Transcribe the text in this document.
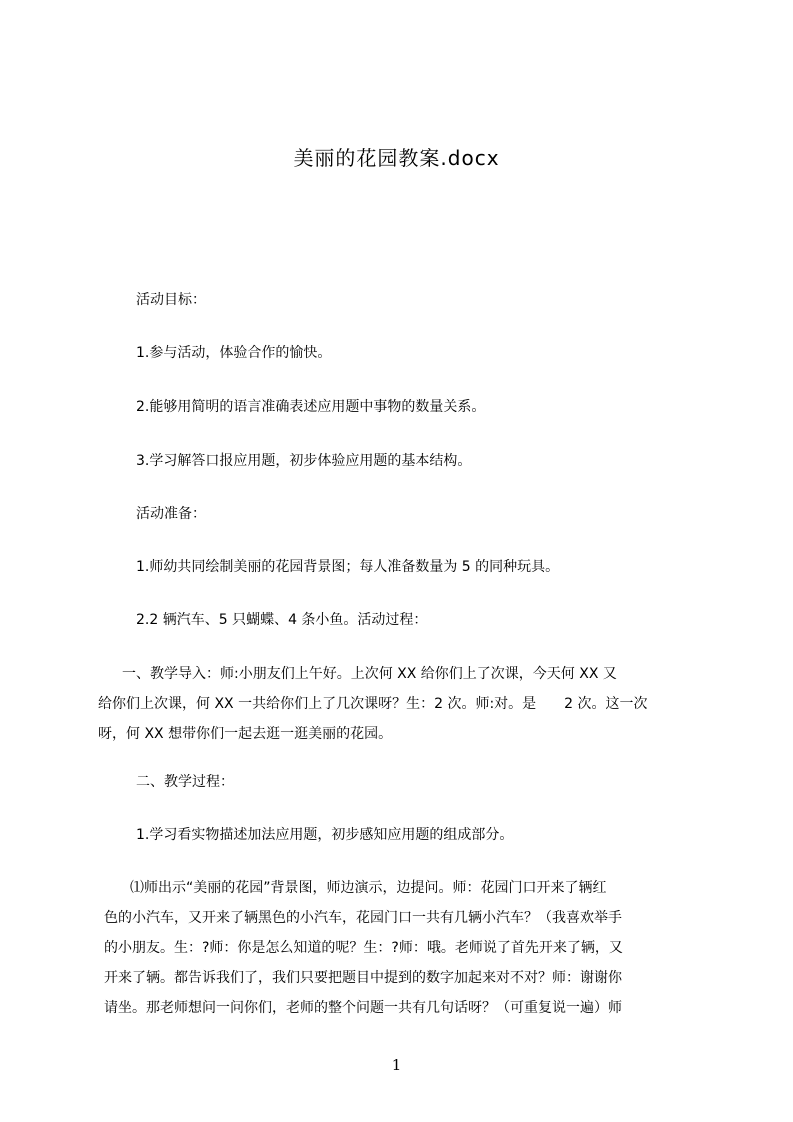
美丽的花园教案.docx
活动目标：
1.参与活动，体验合作的愉快。
2.能够用简明的语言准确表述应用题中事物的数量关系。
3.学习解答口报应用题，初步体验应用题的基本结构。
活动准备：
1.师幼共同绘制美丽的花园背景图；每人准备数量为 5 的同种玩具。
2.2 辆汽车、5 只蝴蝶、4 条小鱼。活动过程：
一、教学导入：师:小朋友们上午好。上次何 XX 给你们上了次课，今天何 XX 又
给你们上次课，何 XX 一共给你们上了几次课呀？生：2 次。师:对。是　　2 次。这一次
呀，何 XX 想带你们一起去逛一逛美丽的花园。
二、教学过程：
1.学习看实物描述加法应用题，初步感知应用题的组成部分。
⑴师出示“美丽的花园”背景图，师边演示，边提问。师：花园门口开来了辆红
色的小汽车，又开来了辆黑色的小汽车，花园门口一共有几辆小汽车？（我喜欢举手
的小朋友。生：?师：你是怎么知道的呢？生：?师：哦。老师说了首先开来了辆，又
开来了辆。都告诉我们了，我们只要把题目中提到的数字加起来对不对？师：谢谢你
请坐。那老师想问一问你们，老师的整个问题一共有几句话呀？（可重复说一遍）师
1
